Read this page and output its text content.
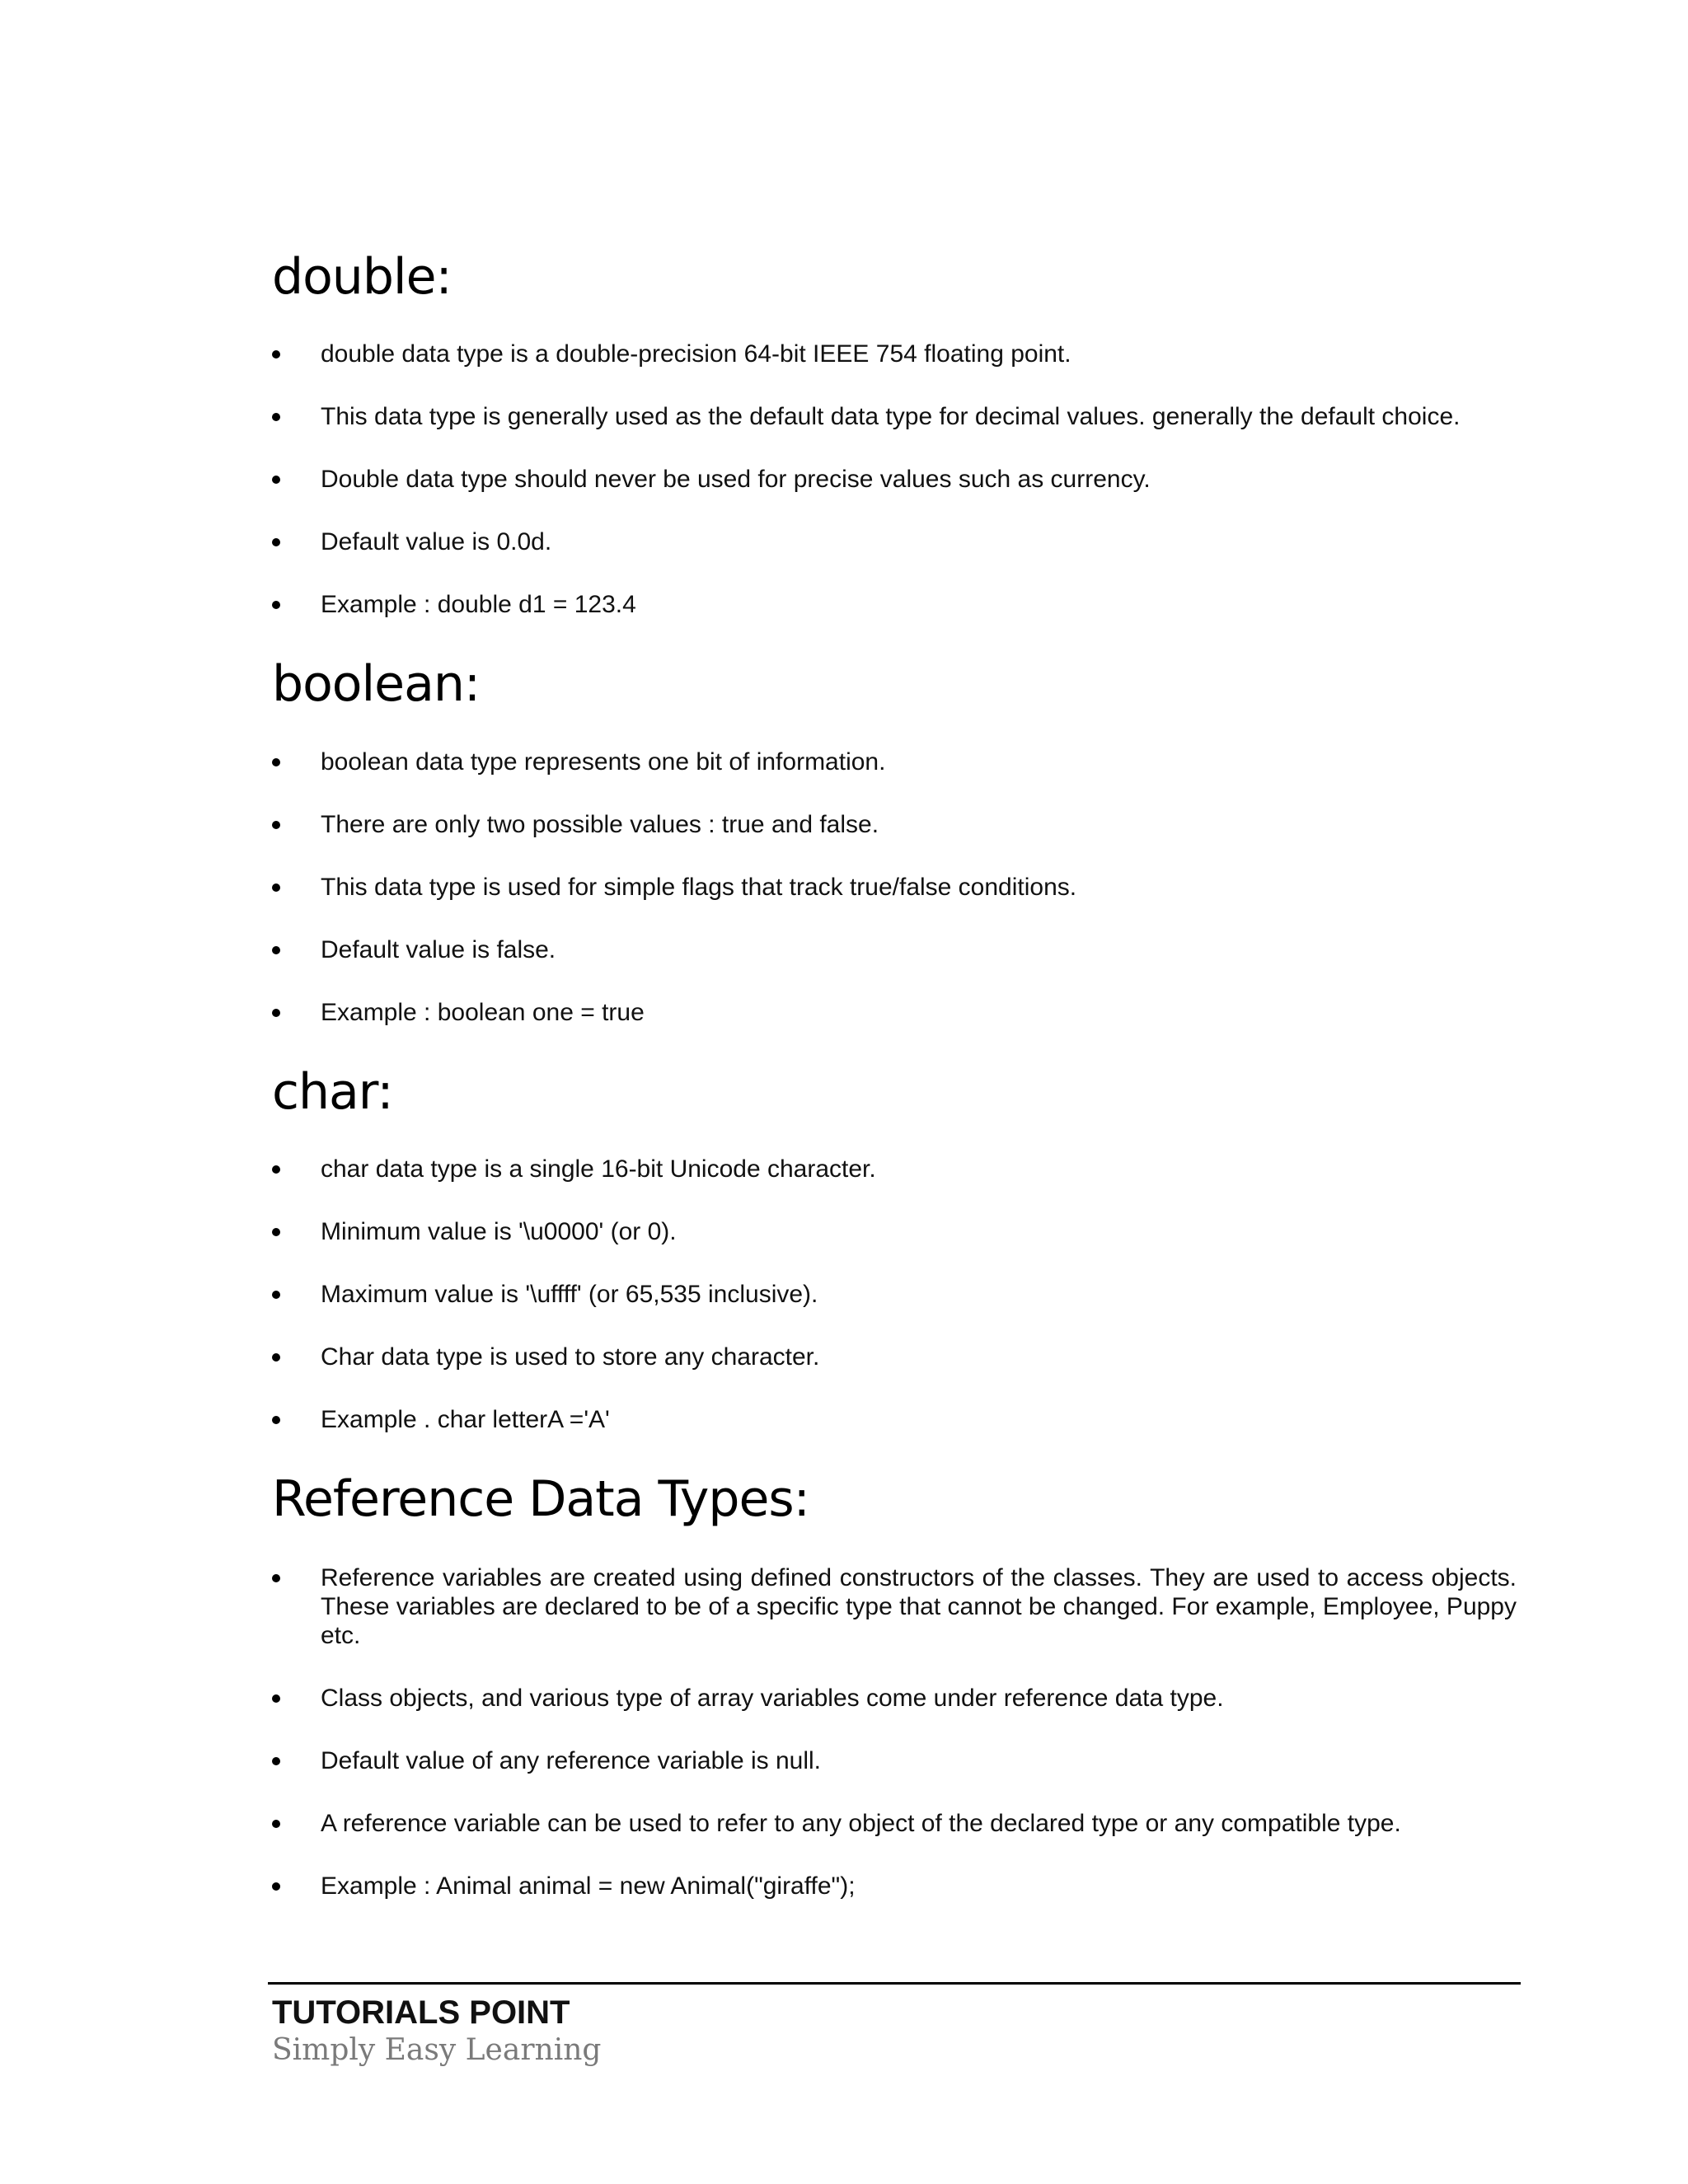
double:
double data type is a double-precision 64-bit IEEE 754 floating point.
This data type is generally used as the default data type for decimal values. generally the default choice.
Double data type should never be used for precise values such as currency.
Default value is 0.0d.
Example : double d1 = 123.4
boolean:
boolean data type represents one bit of information.
There are only two possible values : true and false.
This data type is used for simple flags that track true/false conditions.
Default value is false.
Example : boolean one = true
char:
char data type is a single 16-bit Unicode character.
Minimum value is '\u0000' (or 0).
Maximum value is '\uffff' (or 65,535 inclusive).
Char data type is used to store any character.
Example . char letterA ='A'
Reference Data Types:
Reference variables are created using defined constructors of the classes. They are used to access objects. These variables are declared to be of a specific type that cannot be changed. For example, Employee, Puppy etc.
Class objects, and various type of array variables come under reference data type.
Default value of any reference variable is null.
A reference variable can be used to refer to any object of the declared type or any compatible type.
Example : Animal animal = new Animal("giraffe");
TUTORIALS POINT
Simply Easy Learning
